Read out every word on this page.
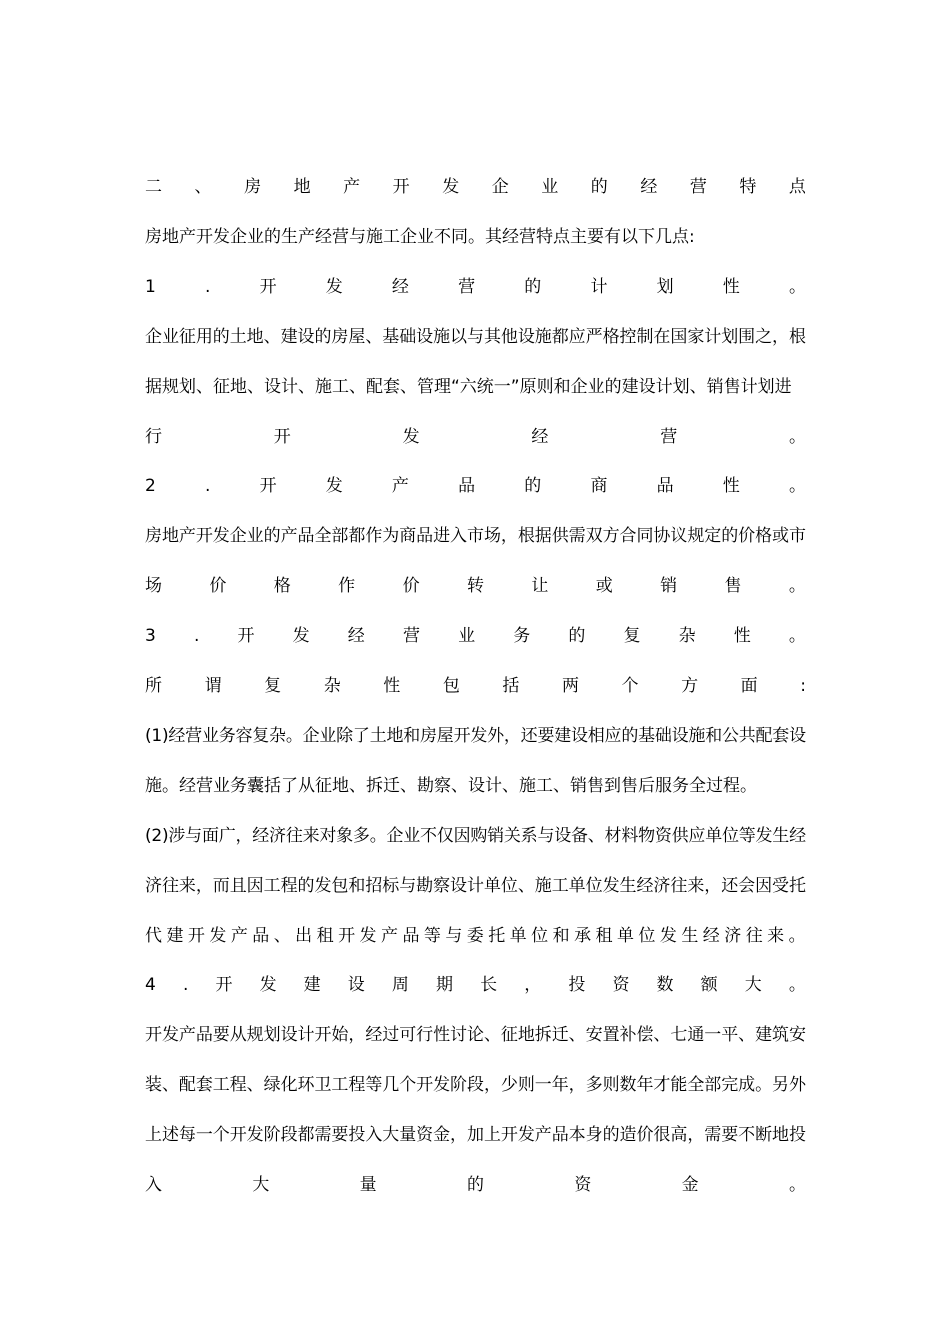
二 、 房 地 产 开 发 企 业 的 经 营 特 点
房地产开发企业的生产经营与施工企业不同。其经营特点主要有以下几点:
1	.	开	发	经	营	的	计	划	性	。
企业征用的土地、建设的房屋、基础设施以与其他设施都应严格控制在国家计划围之，根
据规划、征地、设计、施工、配套、管理“六统一”原则和企业的建设计划、销售计划进
行	开	发	经	营	。
2	.	开	发	产	品	的	商	品	性	。
房地产开发企业的产品全部都作为商品进入市场，根据供需双方合同协议规定的价格或市
场	价	格	作	价	转	让	或	销	售	。
3 . 开 发 经 营 业 务 的 复 杂 性 。
所	谓	复	杂	性	包	括	两	个	方	面	:
(1)经营业务容复杂。企业除了土地和房屋开发外，还要建设相应的基础设施和公共配套设
施。经营业务囊括了从征地、拆迁、勘察、设计、施工、销售到售后服务全过程。
(2)涉与面广，经济往来对象多。企业不仅因购销关系与设备、材料物资供应单位等发生经
济往来，而且因工程的发包和招标与勘察设计单位、施工单位发生经济往来，还会因受托
代 建 开 发 产 品 、 出 租 开 发 产 品 等 与 委 托 单 位 和 承 租 单 位 发 生 经 济 往 来 。
4 . 开 发 建 设 周 期 长 ， 投 资 数 额 大 。
开发产品要从规划设计开始，经过可行性讨论、征地拆迁、安置补偿、七通一平、建筑安
装、配套工程、绿化环卫工程等几个开发阶段，少则一年，多则数年才能全部完成。另外
上述每一个开发阶段都需要投入大量资金，加上开发产品本身的造价很高，需要不断地投
入	大	量	的	资	金	。
